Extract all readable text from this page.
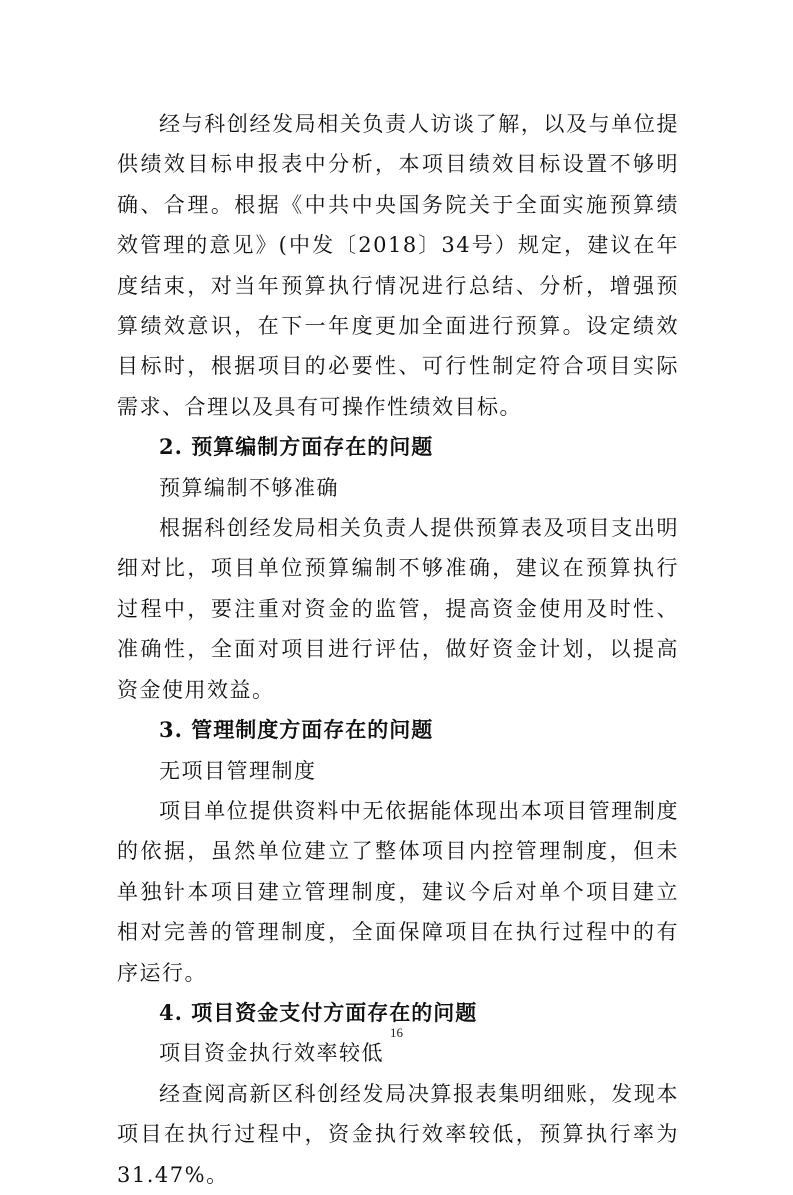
经与科创经发局相关负责人访谈了解，以及与单位提供绩效目标申报表中分析，本项目绩效目标设置不够明确、合理。根据《中共中央国务院关于全面实施预算绩效管理的意见》(中发〔2018〕34号）规定，建议在年度结束，对当年预算执行情况进行总结、分析，增强预算绩效意识，在下一年度更加全面进行预算。设定绩效目标时，根据项目的必要性、可行性制定符合项目实际需求、合理以及具有可操作性绩效目标。

2. 预算编制方面存在的问题

预算编制不够准确

根据科创经发局相关负责人提供预算表及项目支出明细对比，项目单位预算编制不够准确，建议在预算执行过程中，要注重对资金的监管，提高资金使用及时性、准确性，全面对项目进行评估，做好资金计划，以提高资金使用效益。

3. 管理制度方面存在的问题

无项目管理制度

项目单位提供资料中无依据能体现出本项目管理制度的依据，虽然单位建立了整体项目内控管理制度，但未单独针本项目建立管理制度，建议今后对单个项目建立相对完善的管理制度，全面保障项目在执行过程中的有序运行。

4. 项目资金支付方面存在的问题

项目资金执行效率较低

经查阅高新区科创经发局决算报表集明细账，发现本项目在执行过程中，资金执行效率较低，预算执行率为 31.47%。

16
